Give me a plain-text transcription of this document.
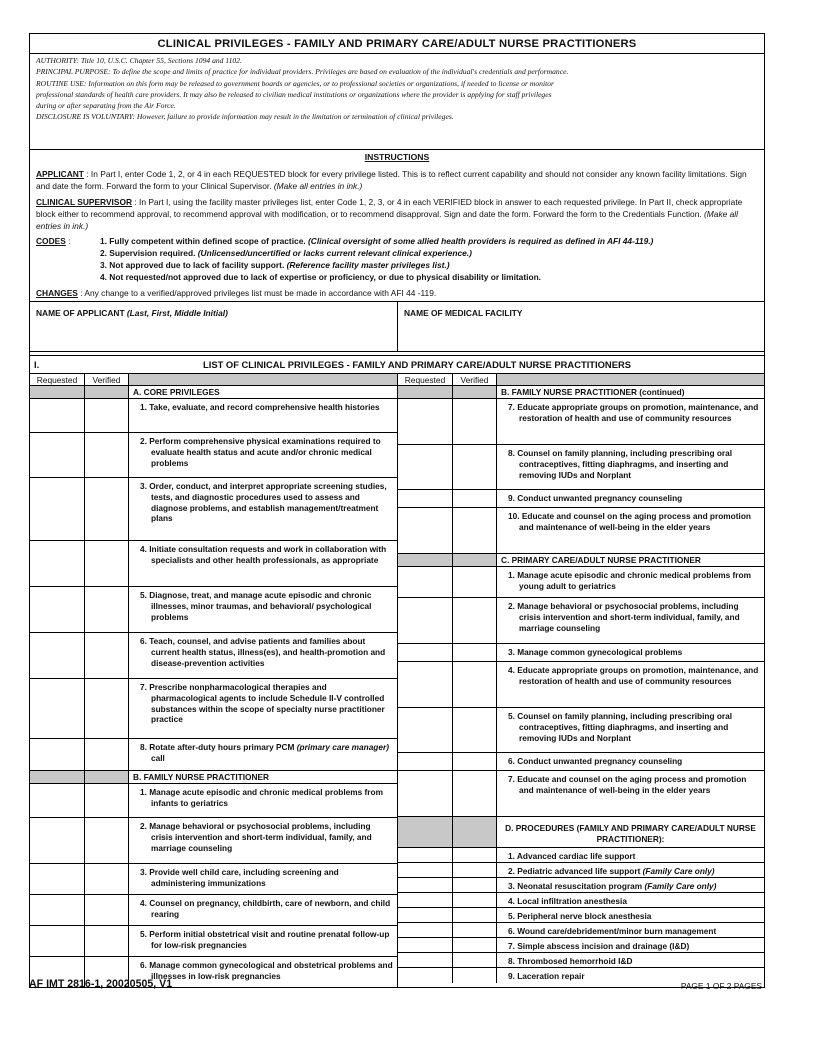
CLINICAL PRIVILEGES - FAMILY AND PRIMARY CARE/ADULT NURSE PRACTITIONERS
AUTHORITY: Title 10, U.S.C. Chapter 55, Sections 1094 and 1102.
PRINCIPAL PURPOSE: To define the scope and limits of practice for individual providers. Privileges are based on evaluation of the individual's credentials and performance.
ROUTINE USE: Information on this form may be released to government boards or agencies, or to professional societies or organizations, if needed to license or monitor
professional standards of health care providers. It may also be released to civilian medical institutions or organizations where the provider is applying for staff privileges
during or after separating from the Air Force.
DISCLOSURE IS VOLUNTARY: However, failure to provide information may result in the limitation or termination of clinical privileges.
INSTRUCTIONS
APPLICANT : In Part I, enter Code 1, 2, or 4 in each REQUESTED block for every privilege listed. This is to reflect current capability and should not consider any known facility limitations. Sign and date the form. Forward the form to your Clinical Supervisor. (Make all entries in ink.)
CLINICAL SUPERVISOR : In Part I, using the facility master privileges list, enter Code 1, 2, 3, or 4 in each VERIFIED block in answer to each requested privilege. In Part II, check appropriate block either to recommend approval, to recommend approval with modification, or to recommend disapproval. Sign and date the form. Forward the form to the Credentials Function. (Make all entries in ink.)
CODES :	1. Fully competent within defined scope of practice. (Clinical oversight of some allied health providers is required as defined in AFI 44-119.)
2. Supervision required. (Unlicensed/uncertified or lacks current relevant clinical experience.)
3. Not approved due to lack of facility support. (Reference facility master privileges list.)
4. Not requested/not approved due to lack of expertise or proficiency, or due to physical disability or limitation.
CHANGES : Any change to a verified/approved privileges list must be made in accordance with AFI 44 -119.
NAME OF APPLICANT (Last, First, Middle Initial)	NAME OF MEDICAL FACILITY
I.	LIST OF CLINICAL PRIVILEGES - FAMILY AND PRIMARY CARE/ADULT NURSE PRACTITIONERS
Requested	Verified
A. CORE PRIVILEGES
1. Take, evaluate, and record comprehensive health histories
2. Perform comprehensive physical examinations required to evaluate health status and acute and/or chronic medical problems
3. Order, conduct, and interpret appropriate screening studies, tests, and diagnostic procedures used to assess and diagnose problems, and establish management/treatment plans
4. Initiate consultation requests and work in collaboration with specialists and other health professionals, as appropriate
5. Diagnose, treat, and manage acute episodic and chronic illnesses, minor traumas, and behavioral/ psychological problems
6. Teach, counsel, and advise patients and families about current health status, illness(es), and health-promotion and disease-prevention activities
7. Prescribe nonpharmacological therapies and pharmacological agents to include Schedule II-V controlled substances within the scope of specialty nurse practitioner practice
8. Rotate after-duty hours primary PCM (primary care manager) call
B. FAMILY NURSE PRACTITIONER
1. Manage acute episodic and chronic medical problems from infants to geriatrics
2. Manage behavioral or psychosocial problems, including crisis intervention and short-term individual, family, and marriage counseling
3. Provide well child care, including screening and administering immunizations
4. Counsel on pregnancy, childbirth, care of newborn, and child rearing
5. Perform initial obstetrical visit and routine prenatal follow-up for low-risk pregnancies
6. Manage common gynecological and obstetrical problems and illnesses in low-risk pregnancies
Requested	Verified
B. FAMILY NURSE PRACTITIONER (continued)
7. Educate appropriate groups on promotion, maintenance, and restoration of health and use of community resources
8. Counsel on family planning, including prescribing oral contraceptives, fitting diaphragms, and inserting and removing IUDs and Norplant
9. Conduct unwanted pregnancy counseling
10. Educate and counsel on the aging process and promotion and maintenance of well-being in the elder years
C. PRIMARY CARE/ADULT NURSE PRACTITIONER
1. Manage acute episodic and chronic medical problems from young adult to geriatrics
2. Manage behavioral or psychosocial problems, including crisis intervention and short-term individual, family, and marriage counseling
3. Manage common gynecological problems
4. Educate appropriate groups on promotion, maintenance, and restoration of health and use of community resources
5. Counsel on family planning, including prescribing oral contraceptives, fitting diaphragms, and inserting and removing IUDs and Norplant
6. Conduct unwanted pregnancy counseling
7. Educate and counsel on the aging process and promotion and maintenance of well-being in the elder years
D. PROCEDURES (FAMILY AND PRIMARY CARE/ADULT NURSE PRACTITIONER):
1. Advanced cardiac life support
2. Pediatric advanced life support (Family Care only)
3. Neonatal resuscitation program (Family Care only)
4. Local infiltration anesthesia
5. Peripheral nerve block anesthesia
6. Wound care/debridement/minor burn management
7. Simple abscess incision and drainage (I&D)
8. Thrombosed hemorrhoid I&D
9. Laceration repair
AF IMT 2816-1, 20020505, V1	PAGE 1 OF 2 PAGES
